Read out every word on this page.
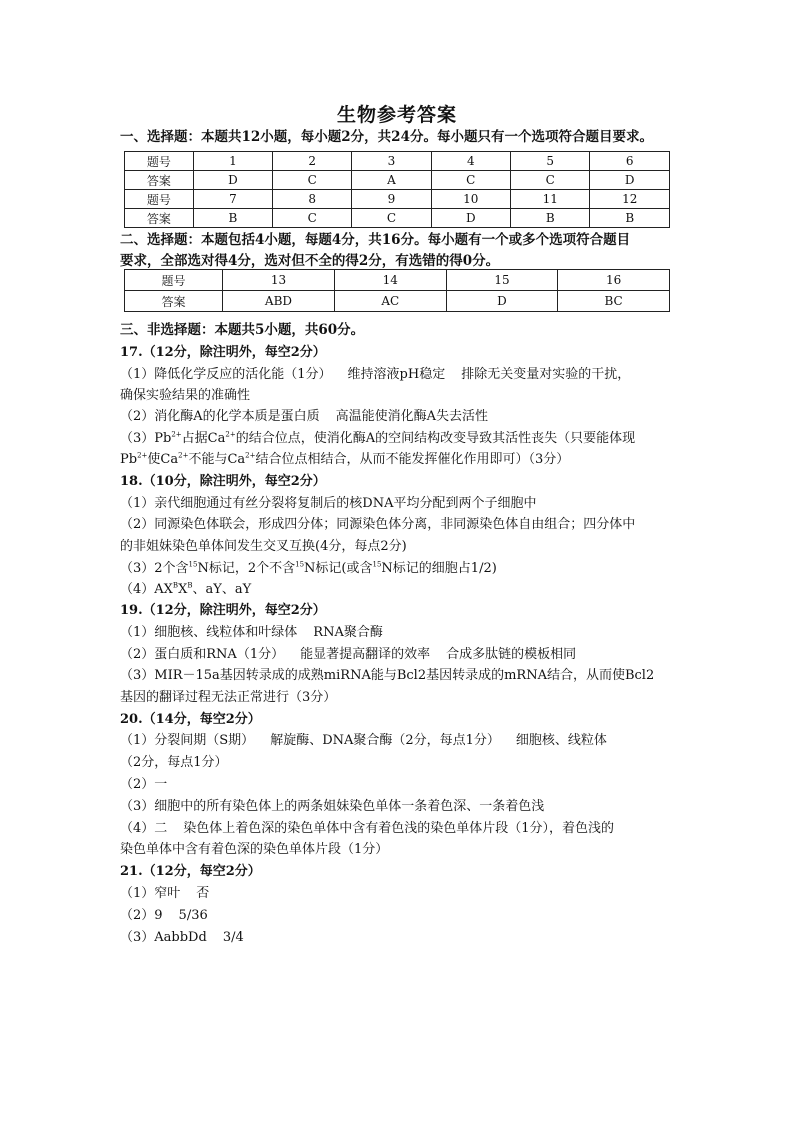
生物参考答案

一、选择题：本题共12小题，每小题2分，共24分。每小题只有一个选项符合题目要求。

题号	1	2	3	4	5	6
答案	D	C	A	C	C	D
题号	7	8	9	10	11	12
答案	B	C	C	D	B	B

二、选择题：本题包括4小题，每题4分，共16分。每小题有一个或多个选项符合题目

要求，全部选对得4分，选对但不全的得2分，有选错的得0分。

题号	13	14	15	16
答案	ABD	AC	D	BC

三、非选择题：本题共5小题，共60分。

17.（12分，除注明外，每空2分）

（1）降低化学反应的活化能（1分） 维持溶液pH稳定 排除无关变量对实验的干扰，

确保实验结果的准确性

（2）消化酶A的化学本质是蛋白质 高温能使消化酶A失去活性

$(3)Pb^{2+}$占据$Ca^{2+}$的结合位点，使消化酶A的空间结构改变导致其活性丧失（只要能体现

$Pb^{2+}$使$Ca^{2+}$不能与$Ca^{2+}$结合位点相结合，从而不能发挥催化作用即可）（3分）

18.（10分，除注明外，每空2分）

（1）亲代细胞通过有丝分裂将复制后的核DNA平均分配到两个子细胞中

（2）同源染色体联会，形成四分体；同源染色体分离，非同源染色体自由组合；四分体中

的非姐妹染色单体间发生交叉互换(4分，每点2分)

（3）2个含$^{15}$N标记，2个不含$^{15}$N标记(或含$^{15}$N标记的细胞占1/2)

$(4)AX^BX^B$、aY、aY

19.（12分，除注明外，每空2分）

（1）细胞核、线粒体和叶绿体 RNA聚合酶

（2）蛋白质和RNA（1分） 能显著提高翻译的效率 合成多肽链的模板相同

（3）MIR－15a基因转录成的成熟miRNA能与Bcl2基因转录成的mRNA结合，从而使Bcl2

基因的翻译过程无法正常进行（3分）

20.（14分，每空2分）

（1）分裂间期（S期） 解旋酶、DNA聚合酶（2分，每点1分） 细胞核、线粒体

（2分，每点1分）

（2）一

（3）细胞中的所有染色体上的两条姐妹染色单体一条着色深、一条着色浅

（4）二 染色体上着色深的染色单体中含有着色浅的染色单体片段（1分），着色浅的

染色单体中含有着色深的染色单体片段（1分）

21.（12分，每空2分）

（1）窄叶 否

（2）9 5/36

（3）AabbDd 3/4
